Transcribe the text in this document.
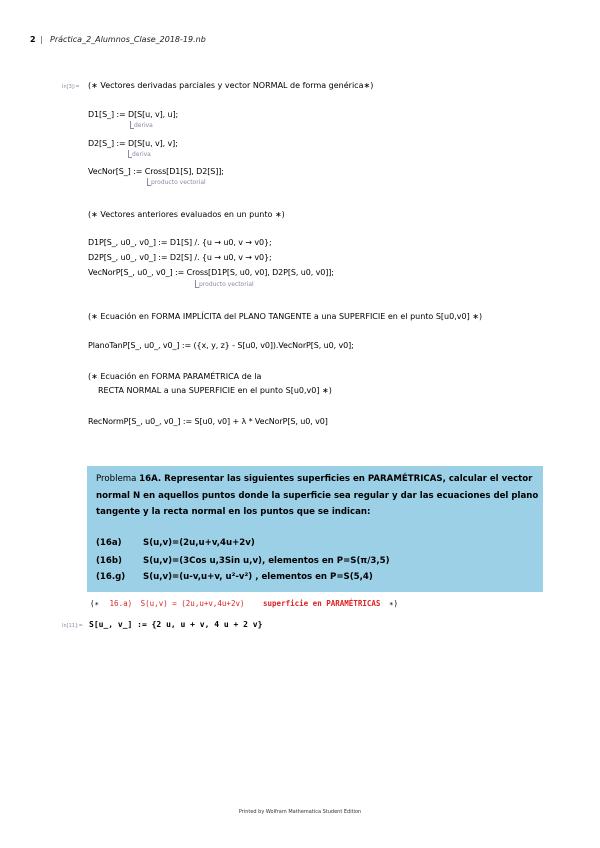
2 | Práctica_2_Alumnos_Clase_2018-19.nb
In[3]:= (∗ Vectores derivadas parciales y vector NORMAL de forma genérica∗)
D1[S_] := D[S[u, v], u];
deriva
D2[S_] := D[S[u, v], v];
deriva
VecNor[S_] := Cross[D1[S], D2[S]];
producto vectorial
(∗ Vectores anteriores evaluados en un punto ∗)
D1P[S_, u0_, v0_] := D1[S] /. {u → u0, v → v0};
D2P[S_, u0_, v0_] := D2[S] /. {u → u0, v → v0};
VecNorP[S_, u0_, v0_] := Cross[D1P[S, u0, v0], D2P[S, u0, v0]];
producto vectorial
(∗ Ecuación en FORMA IMPLÍCITA del PLANO TANGENTE a una SUPERFICIE en el punto S[u0,v0] ∗)
PlanoTanP[S_, u0_, v0_] := ({x, y, z} - S[u0, v0]).VecNorP[S, u0, v0];
(∗ Ecuación en FORMA PARAMÉTRICA de la
RECTA NORMAL a una SUPERFICIE en el punto S[u0,v0] ∗)
RecNormP[S_, u0_, v0_] := S[u0, v0] + λ * VecNorP[S, u0, v0]
Problema 16A. Representar las siguientes superficies en PARAMÉTRICAS, calcular el vector
normal N en aquellos puntos donde la superficie sea regular y dar las ecuaciones del plano
tangente y la recta normal en los puntos que se indican:
(16a) S(u,v)=(2u,u+v,4u+2v)
(16b) S(u,v)=(3Cos u,3Sin u,v), elementos en P=S(π/3,5)
(16.g) S(u,v)=(u-v,u+v, u²-v²) , elementos en P=S(5,4)
(∗ 16.a) S(u,v) = (2u,u+v,4u+2v) superficie en PARAMÉTRICAS ∗)
In[11]:= S[u_, v_] := {2 u, u + v, 4 u + 2 v}
Printed by Wolfram Mathematica Student Edition
